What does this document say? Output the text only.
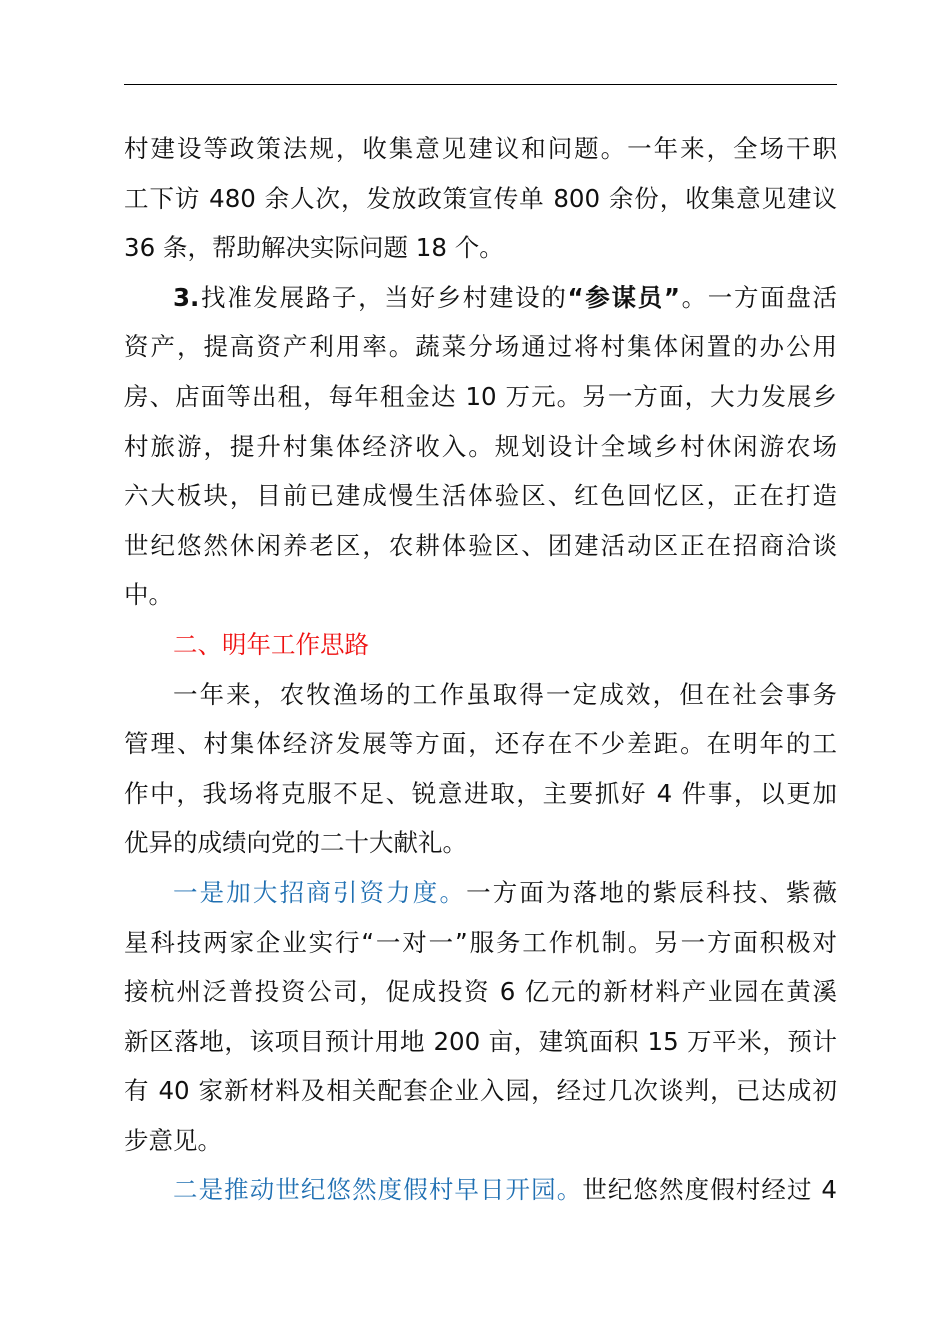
村建设等政策法规，收集意见建议和问题。一年来，全场干职
工下访 480 余人次，发放政策宣传单 800 余份，收集意见建议
36 条，帮助解决实际问题 18 个。
3.找准发展路子，当好乡村建设的“参谋员”。一方面盘活
资产，提高资产利用率。蔬菜分场通过将村集体闲置的办公用
房、店面等出租，每年租金达 10 万元。另一方面，大力发展乡
村旅游，提升村集体经济收入。规划设计全域乡村休闲游农场
六大板块，目前已建成慢生活体验区、红色回忆区，正在打造
世纪悠然休闲养老区，农耕体验区、团建活动区正在招商洽谈
中。
二、明年工作思路
一年来，农牧渔场的工作虽取得一定成效，但在社会事务
管理、村集体经济发展等方面，还存在不少差距。在明年的工
作中，我场将克服不足、锐意进取，主要抓好 4 件事，以更加
优异的成绩向党的二十大献礼。
一是加大招商引资力度。一方面为落地的紫辰科技、紫薇
星科技两家企业实行“一对一”服务工作机制。另一方面积极对
接杭州泛普投资公司，促成投资 6 亿元的新材料产业园在黄溪
新区落地，该项目预计用地 200 亩，建筑面积 15 万平米，预计
有 40 家新材料及相关配套企业入园，经过几次谈判，已达成初
步意见。
二是推动世纪悠然度假村早日开园。世纪悠然度假村经过 4
